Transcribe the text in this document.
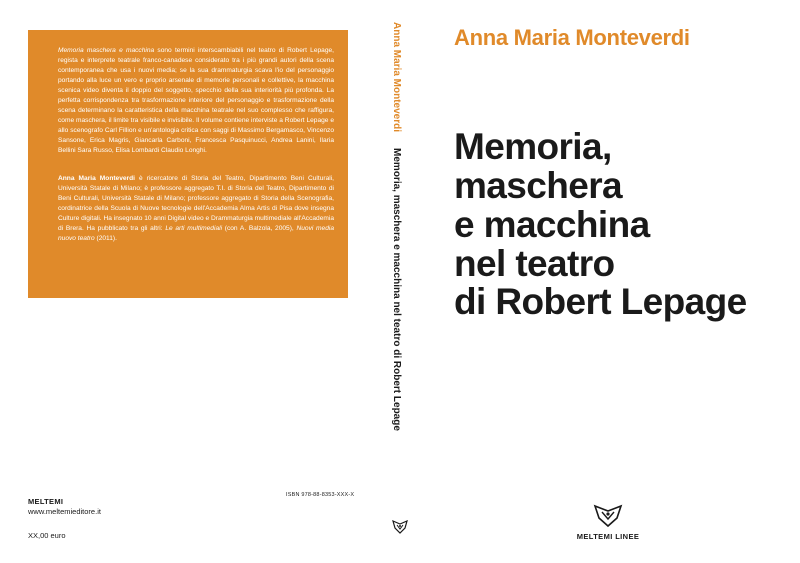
Memoria maschera e macchina sono termini interscambiabili nel teatro di Robert Lepage, regista e interprete teatrale franco-canadese considerato tra i più grandi autori della scena contemporanea che usa i nuovi media; se la sua drammaturgia scava l'io del personaggio portando alla luce un vero e proprio arsenale di memorie personali e collettive, la macchina scenica video diventa il doppio del soggetto, specchio della sua interiorità più profonda. La perfetta corrispondenza tra trasformazione interiore del personaggio e trasformazione della scena determinano la caratteristica della macchina teatrale nel suo complesso che raffigura, come maschera, il limite tra visibile e invisibile. Il volume contiene interviste a Robert Lepage e allo scenografo Carl Fillion e un'antologia critica con saggi di Massimo Bergamasco, Vincenzo Sansone, Erica Magris, Giancarla Carboni, Francesca Pasquinucci, Andrea Lanini, Ilaria Bellini Sara Russo, Elisa Lombardi Claudio Longhi.

Anna Maria Monteverdi è ricercatore di Storia del Teatro, Dipartimento Beni Culturali, Università Statale di Milano; è professore aggregato T.I. di Storia del Teatro, Dipartimento di Beni Culturali, Università Statale di Milano; professore aggregato di Storia della Scenografia, cordinatrice della Scuola di Nuove tecnologie dell'Accademia Alma Artis di Pisa dove insegna Culture digitali. Ha insegnato 10 anni Digital video e Drammaturgia multimediale all'Accademia di Brera. Ha pubblicato tra gli altri: Le arti multimediali (con A. Balzola, 2005), Nuovi media nuovo teatro (2011).

MELTEMI
www.meltemieditore.it
XX,00 euro
ISBN 978-88-8353-XXX-X
Anna Maria MonteverdiMemoria, maschera e macchina nel teatro di Robert Lepage
Anna Maria Monteverdi
Memoria,
maschera
e macchina
nel teatro
di Robert Lepage
MELTEMI LINEE
